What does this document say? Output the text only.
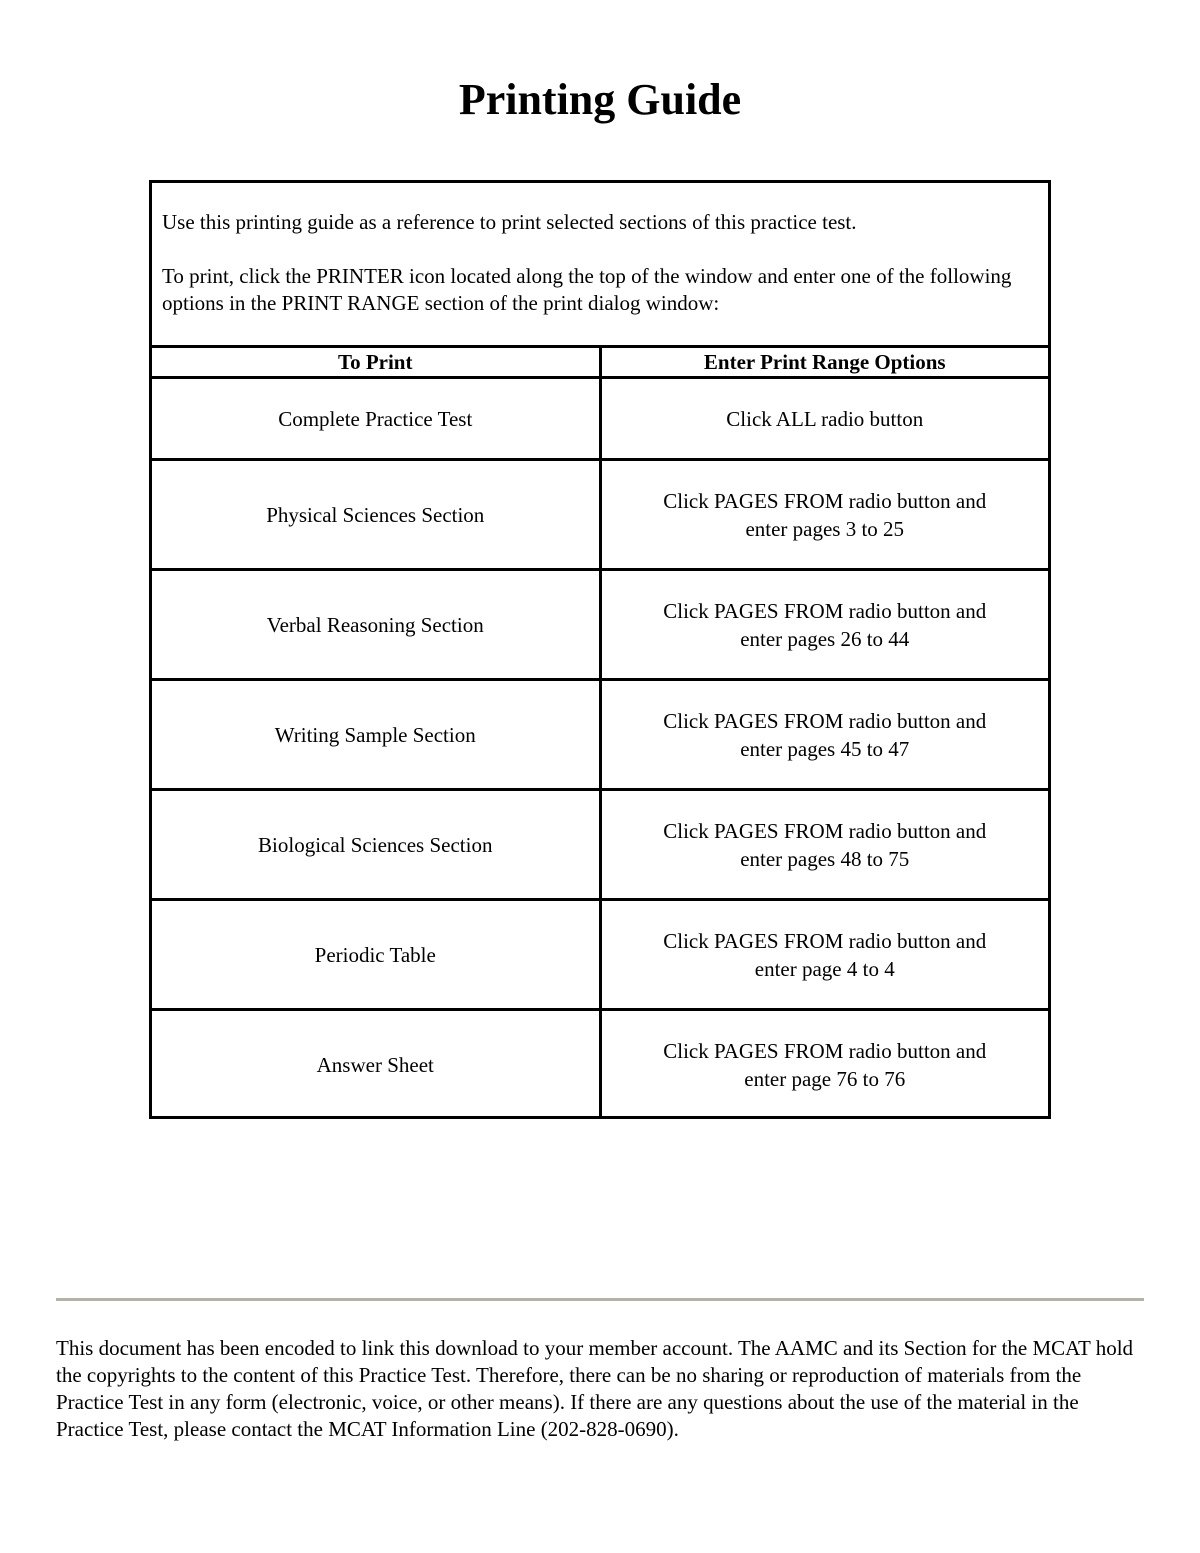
Printing Guide

Use this printing guide as a reference to print selected sections of this practice test.

To print, click the PRINTER icon located along the top of the window and enter one of the following options in the PRINT RANGE section of the print dialog window:

To Print	Enter Print Range Options
Complete Practice Test	Click ALL radio button

Physical Sciences Section	Click PAGES FROM radio button and
enter pages 3 to 25

Verbal Reasoning Section	Click PAGES FROM radio button and
enter pages 26 to 44

Writing Sample Section	Click PAGES FROM radio button and
enter pages 45 to 47

Biological Sciences Section	Click PAGES FROM radio button and
enter pages 48 to 75

Periodic Table	Click PAGES FROM radio button and
enter page 4 to 4

Answer Sheet	Click PAGES FROM radio button and
enter page 76 to 76

This document has been encoded to link this download to your member account. The AAMC and its Section for the MCAT hold the copyrights to the content of this Practice Test. Therefore, there can be no sharing or reproduction of materials from the Practice Test in any form (electronic, voice, or other means). If there are any questions about the use of the material in the Practice Test, please contact the MCAT Information Line (202-828-0690).
